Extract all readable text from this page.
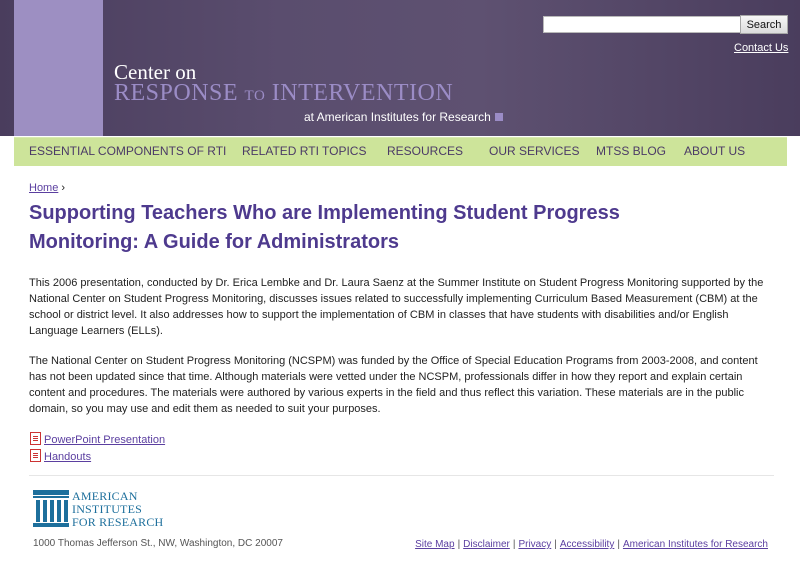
Search
Contact Us
Center on
RESPONSE TO INTERVENTION
at American Institutes for Research
ESSENTIAL COMPONENTS OF RTI RELATED RTI TOPICS RESOURCES OUR SERVICES MTSS BLOG ABOUT US
Home ›
Supporting Teachers Who are Implementing Student Progress Monitoring: A Guide for Administrators

This 2006 presentation, conducted by Dr. Erica Lembke and Dr. Laura Saenz at the Summer Institute on Student Progress Monitoring supported by the National Center on Student Progress Monitoring, discusses issues related to successfully implementing Curriculum Based Measurement (CBM) at the school or district level. It also addresses how to support the implementation of CBM in classes that have students with disabilities and/or English Language Learners (ELLs).

The National Center on Student Progress Monitoring (NCSPM) was funded by the Office of Special Education Programs from 2003-2008, and content has not been updated since that time. Although materials were vetted under the NCSPM, professionals differ in how they report and explain certain content and procedures. The materials were authored by various experts in the field and thus reflect this variation. These materials are in the public domain, so you may use and edit them as needed to suit your purposes.

PowerPoint Presentation
Handouts
AMERICAN
INSTITUTES
FOR RESEARCH
1000 Thomas Jefferson St., NW, Washington, DC 20007	Site Map | Disclaimer | Privacy | Accessibility | American Institutes for Research
